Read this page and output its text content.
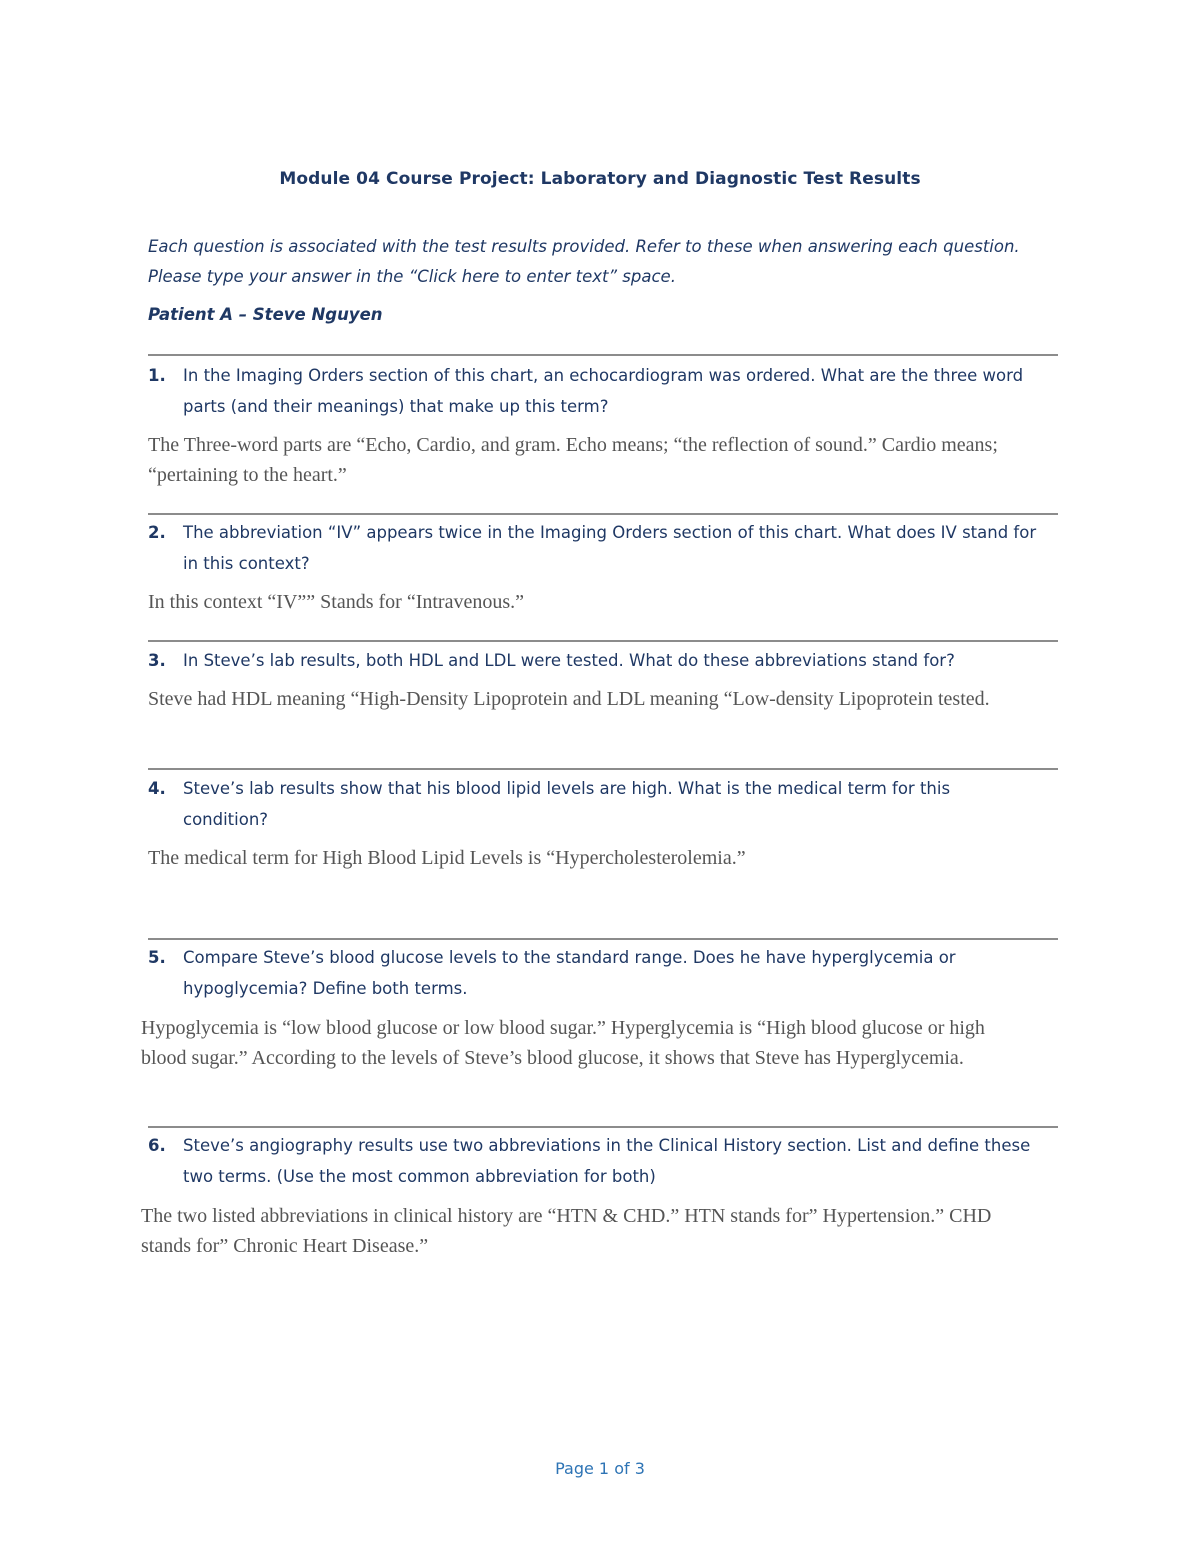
Module 04 Course Project: Laboratory and Diagnostic Test Results
Each question is associated with the test results provided. Refer to these when answering each question. Please type your answer in the “Click here to enter text” space.
Patient A – Steve Nguyen
1. In the Imaging Orders section of this chart, an echocardiogram was ordered. What are the three word parts (and their meanings) that make up this term?
The Three-word parts are “Echo, Cardio, and gram. Echo means; “the reflection of sound.” Cardio means; “pertaining to the heart.”
2. The abbreviation “IV” appears twice in the Imaging Orders section of this chart. What does IV stand for in this context?
In this context “IV”” Stands for “Intravenous.”
3. In Steve’s lab results, both HDL and LDL were tested. What do these abbreviations stand for?
Steve had HDL meaning “High-Density Lipoprotein and LDL meaning “Low-density Lipoprotein tested.
4. Steve’s lab results show that his blood lipid levels are high. What is the medical term for this condition?
The medical term for High Blood Lipid Levels is “Hypercholesterolemia.”
5. Compare Steve’s blood glucose levels to the standard range. Does he have hyperglycemia or hypoglycemia? Define both terms.
Hypoglycemia is “low blood glucose or low blood sugar.” Hyperglycemia is “High blood glucose or high blood sugar.” According to the levels of Steve’s blood glucose, it shows that Steve has Hyperglycemia.
6. Steve’s angiography results use two abbreviations in the Clinical History section. List and define these two terms. (Use the most common abbreviation for both)
The two listed abbreviations in clinical history are “HTN & CHD.” HTN stands for” Hypertension.” CHD stands for” Chronic Heart Disease.”
Page 1 of 3
